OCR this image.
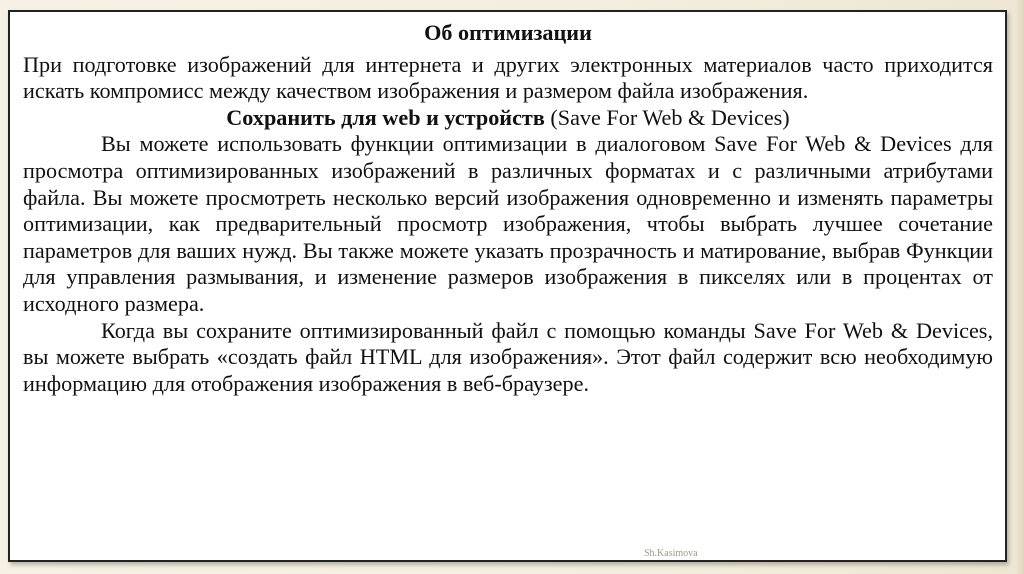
Об оптимизации

При подготовке изображений для интернета и других электронных материалов часто приходится искать компромисс между качеством изображения и размером файла изображения.

Сохранить для web и устройств (Save For Web & Devices)

Вы можете использовать функции оптимизации в диалоговом Save For Web & Devices для просмотра оптимизированных изображений в различных форматах и с различными атрибутами файла. Вы можете просмотреть несколько версий изображения одновременно и изменять параметры оптимизации, как предварительный просмотр изображения, чтобы выбрать лучшее сочетание параметров для ваших нужд. Вы также можете указать прозрачность и матирование, выбрав Функции для управления размывания, и изменение размеров изображения в пикселях или в процентах от исходного размера.

Когда вы сохраните оптимизированный файл с помощью команды Save For Web & Devices, вы можете выбрать «создать файл HTML для изображения». Этот файл содержит всю необходимую информацию для отображения изображения в веб-браузере.

Sh.Kasimova
